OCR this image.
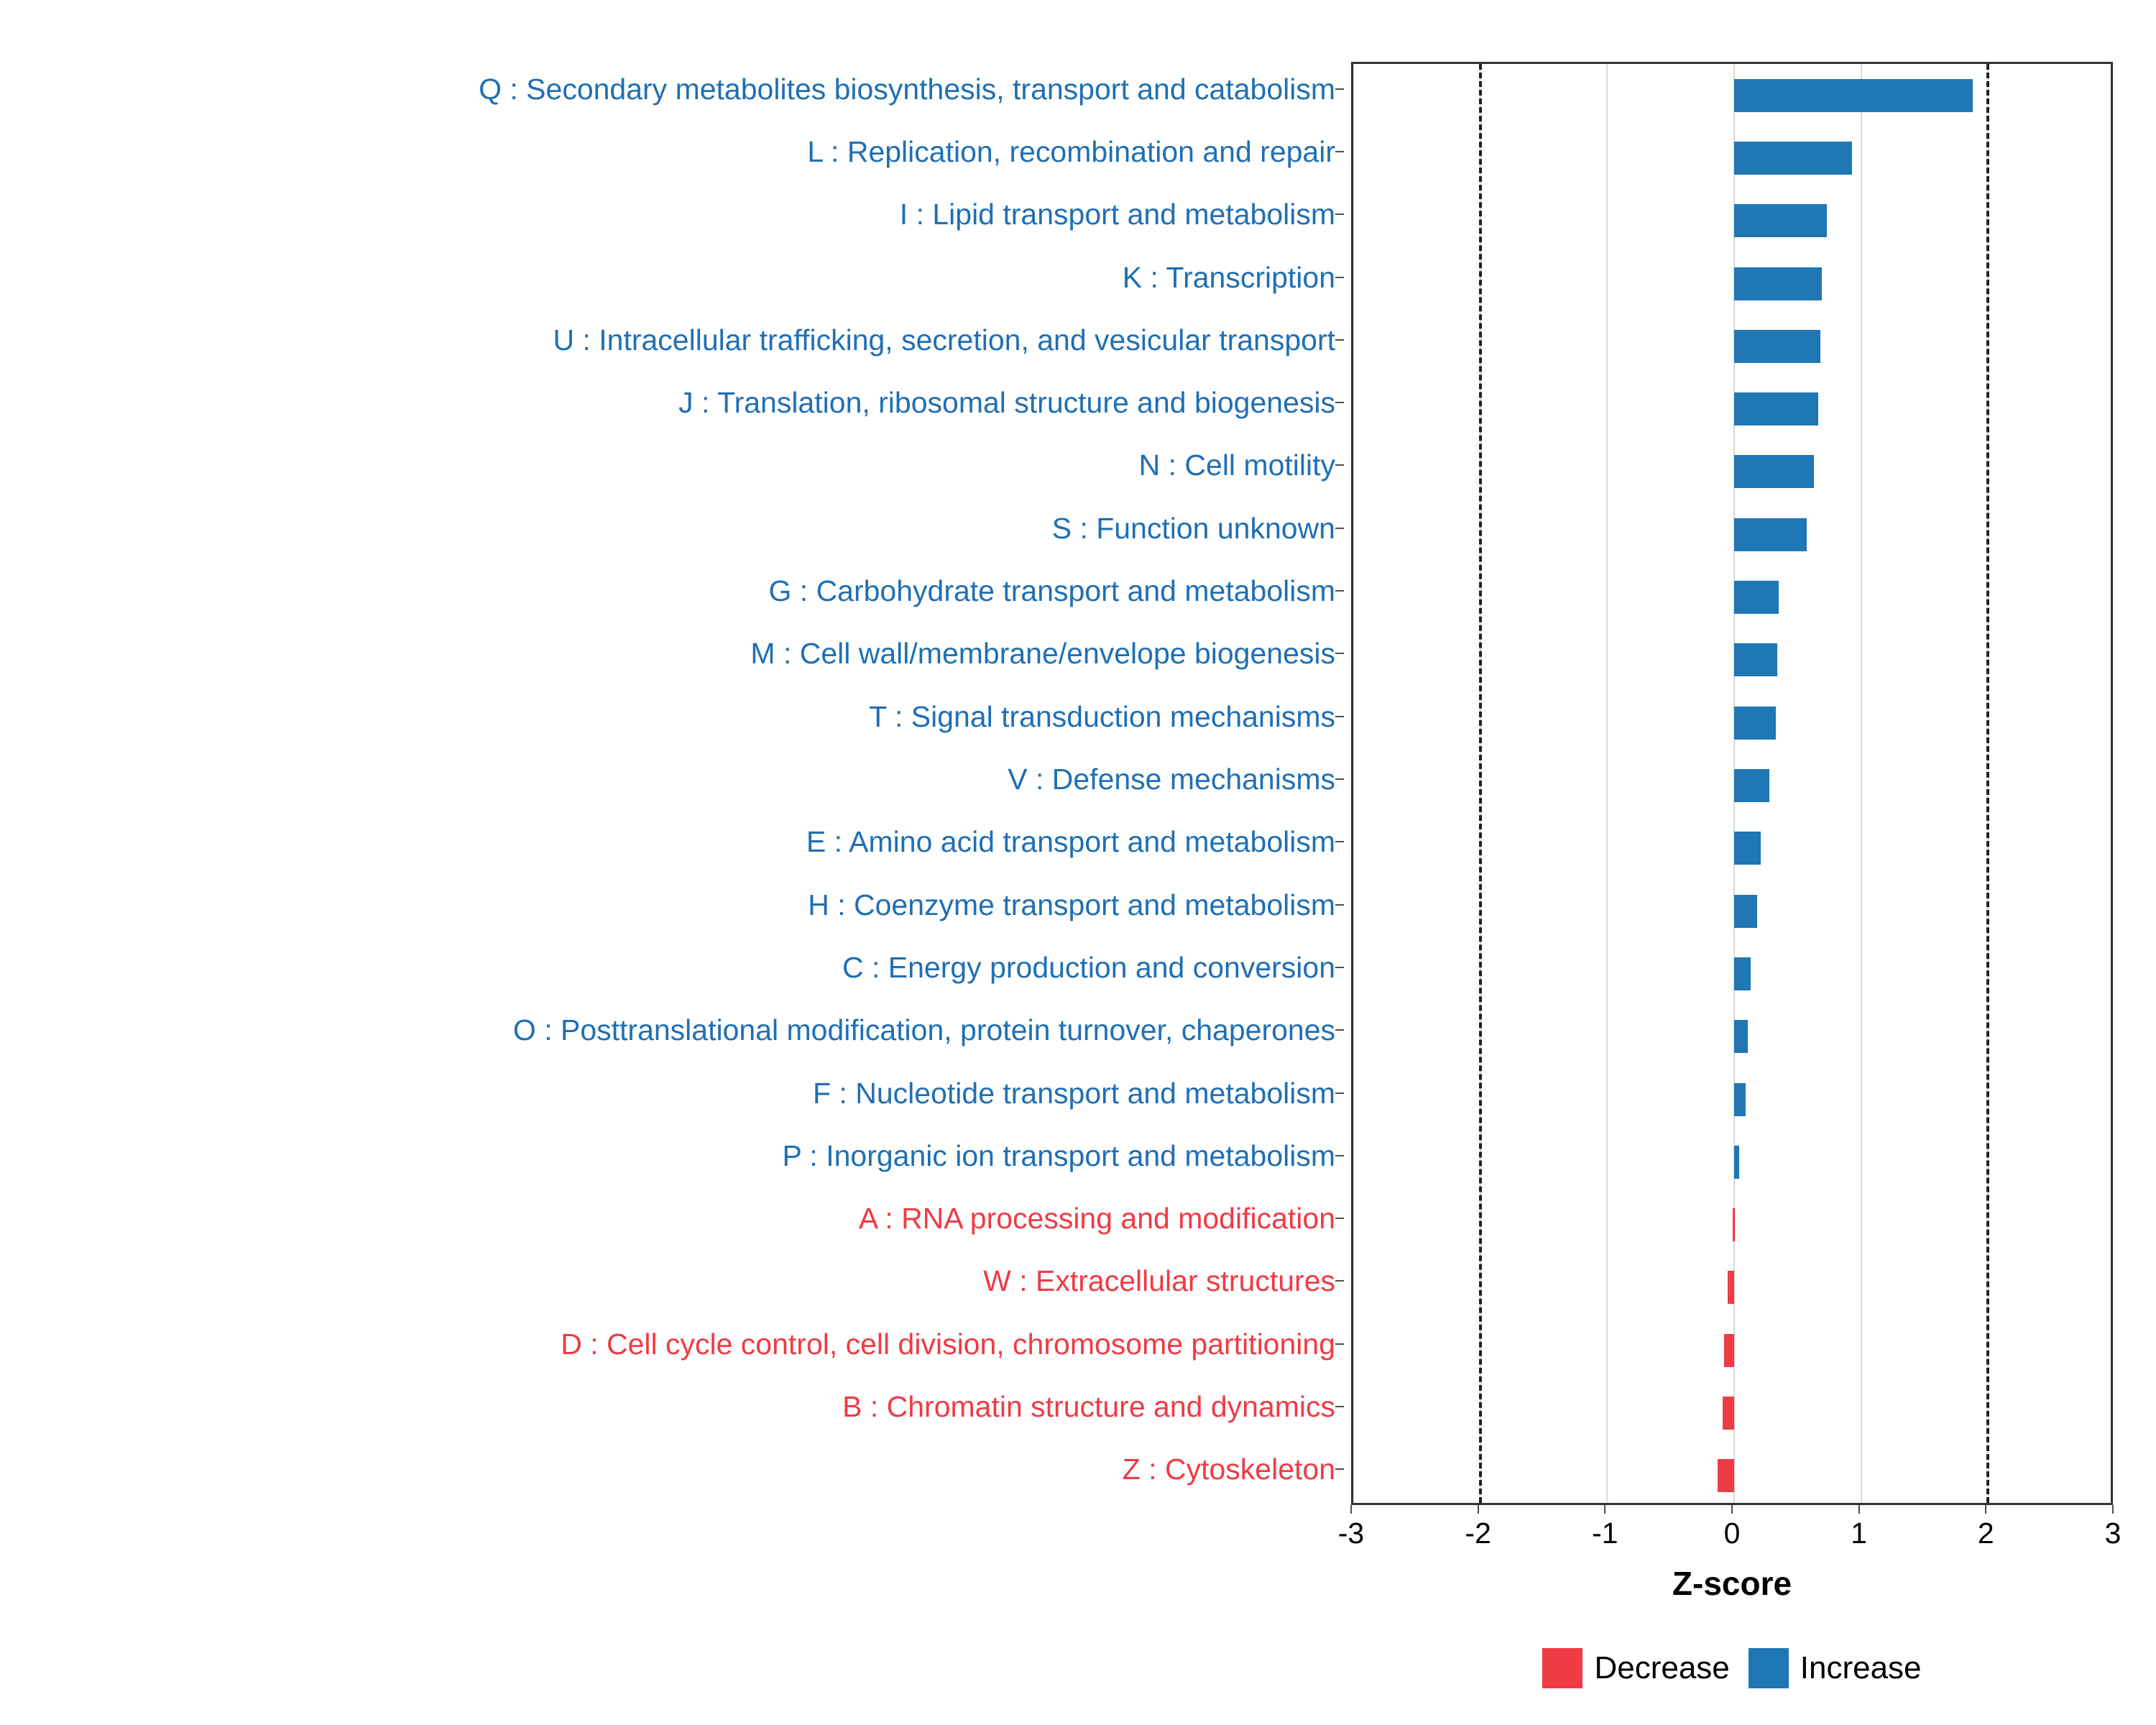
Q : Secondary metabolites biosynthesis, transport and catabolism
L : Replication, recombination and repair
I : Lipid transport and metabolism
K : Transcription
U : Intracellular trafficking, secretion, and vesicular transport
J : Translation, ribosomal structure and biogenesis
N : Cell motility
S : Function unknown
G : Carbohydrate transport and metabolism
M : Cell wall/membrane/envelope biogenesis
T : Signal transduction mechanisms
V : Defense mechanisms
E : Amino acid transport and metabolism
H : Coenzyme transport and metabolism
C : Energy production and conversion
O : Posttranslational modification, protein turnover, chaperones
F : Nucleotide transport and metabolism
P : Inorganic ion transport and metabolism
A : RNA processing and modification
W : Extracellular structures
D : Cell cycle control, cell division, chromosome partitioning
B : Chromatin structure and dynamics
Z : Cytoskeleton
-3	-2	-1	0	1	2	3
Z-score
Decrease Increase
